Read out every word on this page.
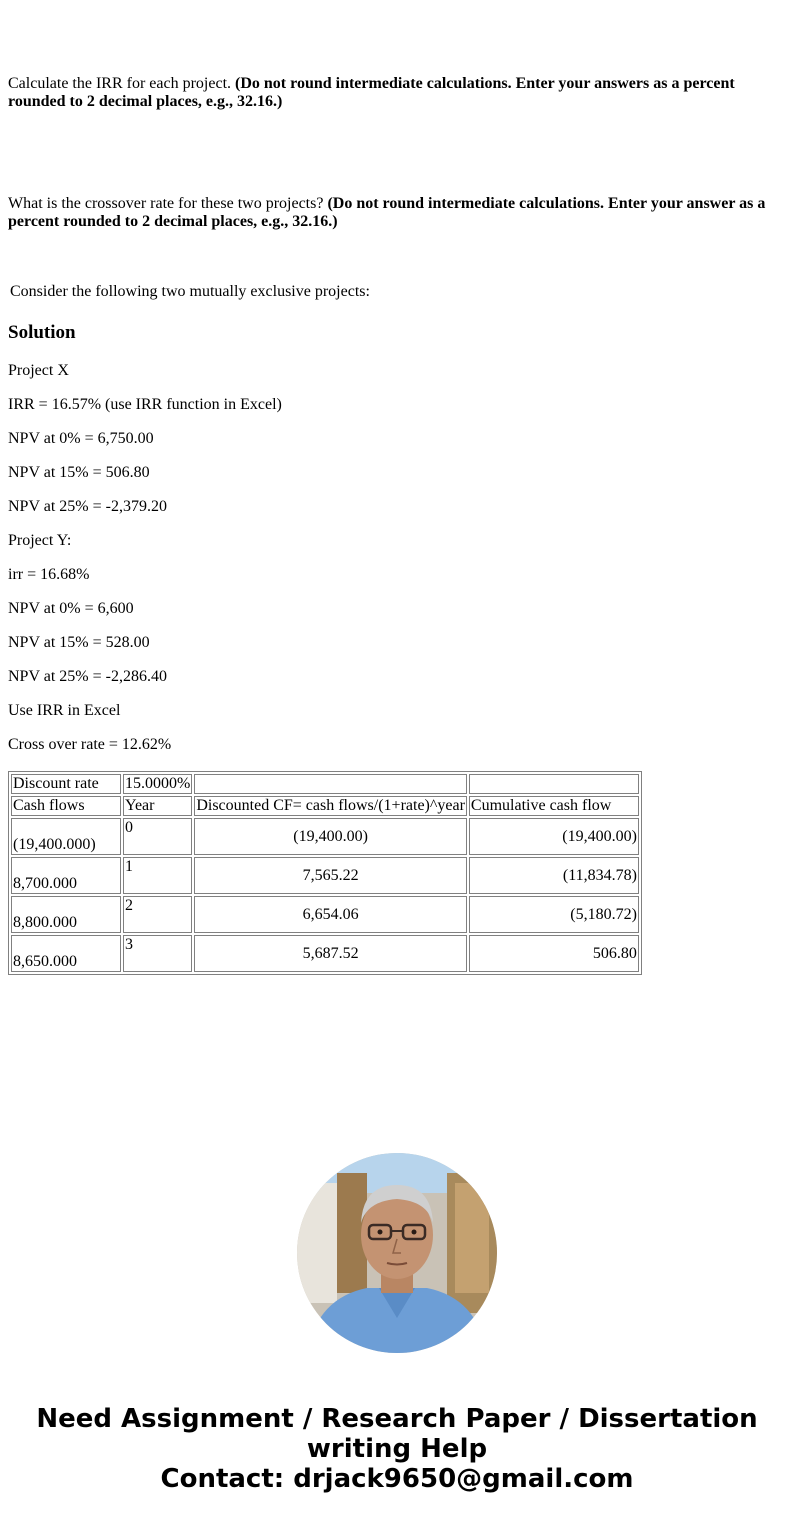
Calculate the IRR for each project. (Do not round intermediate calculations. Enter your answers as a percent rounded to 2 decimal places, e.g., 32.16.)
What is the crossover rate for these two projects? (Do not round intermediate calculations. Enter your answer as a percent rounded to 2 decimal places, e.g., 32.16.)
Consider the following two mutually exclusive projects:
Solution
Project X
IRR = 16.57% (use IRR function in Excel)
NPV at 0% = 6,750.00
NPV at 15% = 506.80
NPV at 25% = -2,379.20
Project Y:
irr = 16.68%
NPV at 0% = 6,600
NPV at 15% = 528.00
NPV at 25% = -2,286.40
Use IRR in Excel
Cross over rate = 12.62%
Discount rate	15.0000%		
Cash flows	Year	Discounted CF= cash flows/(1+rate)^year	Cumulative cash flow
(19,400.000)	0	(19,400.00)	(19,400.00)
8,700.000	1	7,565.22	(11,834.78)
8,800.000	2	6,654.06	(5,180.72)
8,650.000	3	5,687.52	506.80
Need Assignment / Research Paper / Dissertation
writing Help
Contact: drjack9650@gmail.com
